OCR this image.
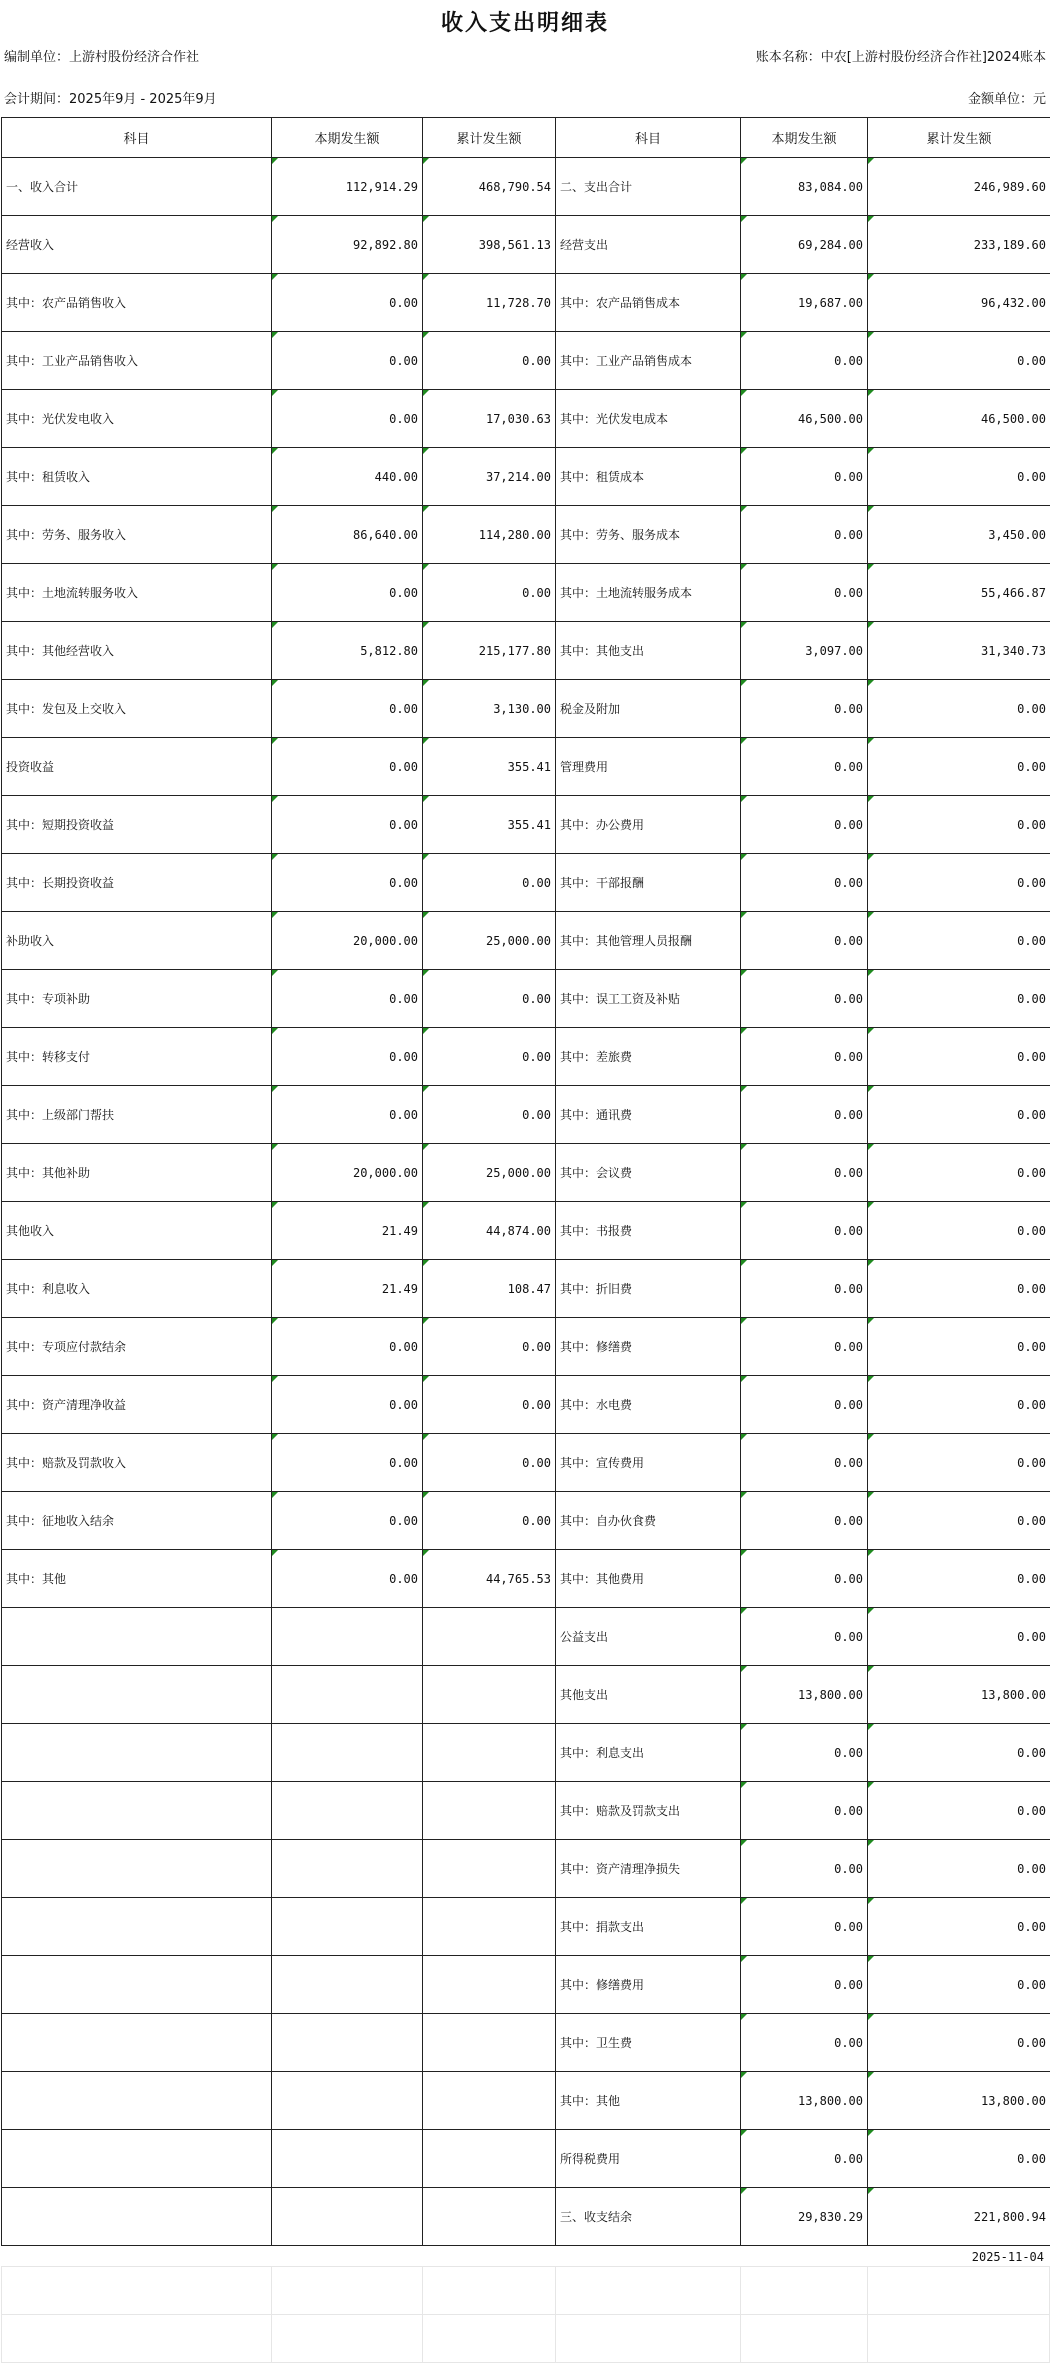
收入支出明细表
编制单位：上游村股份经济合作社	账本名称：中农[上游村股份经济合作社]2024账本
会计期间：2025年9月 - 2025年9月	金额单位：元
科目	本期发生额	累计发生额	科目	本期发生额	累计发生额
一、收入合计	112,914.29	468,790.54	二、支出合计	83,084.00	246,989.60
经营收入	92,892.80	398,561.13	经营支出	69,284.00	233,189.60
其中：农产品销售收入	0.00	11,728.70	其中：农产品销售成本	19,687.00	96,432.00
其中：工业产品销售收入	0.00	0.00	其中：工业产品销售成本	0.00	0.00
其中：光伏发电收入	0.00	17,030.63	其中：光伏发电成本	46,500.00	46,500.00
其中：租赁收入	440.00	37,214.00	其中：租赁成本	0.00	0.00
其中：劳务、服务收入	86,640.00	114,280.00	其中：劳务、服务成本	0.00	3,450.00
其中：土地流转服务收入	0.00	0.00	其中：土地流转服务成本	0.00	55,466.87
其中：其他经营收入	5,812.80	215,177.80	其中：其他支出	3,097.00	31,340.73
其中：发包及上交收入	0.00	3,130.00	税金及附加	0.00	0.00
投资收益	0.00	355.41	管理费用	0.00	0.00
其中：短期投资收益	0.00	355.41	其中：办公费用	0.00	0.00
其中：长期投资收益	0.00	0.00	其中：干部报酬	0.00	0.00
补助收入	20,000.00	25,000.00	其中：其他管理人员报酬	0.00	0.00
其中：专项补助	0.00	0.00	其中：误工工资及补贴	0.00	0.00
其中：转移支付	0.00	0.00	其中：差旅费	0.00	0.00
其中：上级部门帮扶	0.00	0.00	其中：通讯费	0.00	0.00
其中：其他补助	20,000.00	25,000.00	其中：会议费	0.00	0.00
其他收入	21.49	44,874.00	其中：书报费	0.00	0.00
其中：利息收入	21.49	108.47	其中：折旧费	0.00	0.00
其中：专项应付款结余	0.00	0.00	其中：修缮费	0.00	0.00
其中：资产清理净收益	0.00	0.00	其中：水电费	0.00	0.00
其中：赔款及罚款收入	0.00	0.00	其中：宣传费用	0.00	0.00
其中：征地收入结余	0.00	0.00	其中：自办伙食费	0.00	0.00
其中：其他	0.00	44,765.53	其中：其他费用	0.00	0.00
			公益支出	0.00	0.00
			其他支出	13,800.00	13,800.00
			其中：利息支出	0.00	0.00
			其中：赔款及罚款支出	0.00	0.00
			其中：资产清理净损失	0.00	0.00
			其中：捐款支出	0.00	0.00
			其中：修缮费用	0.00	0.00
			其中：卫生费	0.00	0.00
			其中：其他	13,800.00	13,800.00
			所得税费用	0.00	0.00
			三、收支结余	29,830.29	221,800.94
2025-11-04
